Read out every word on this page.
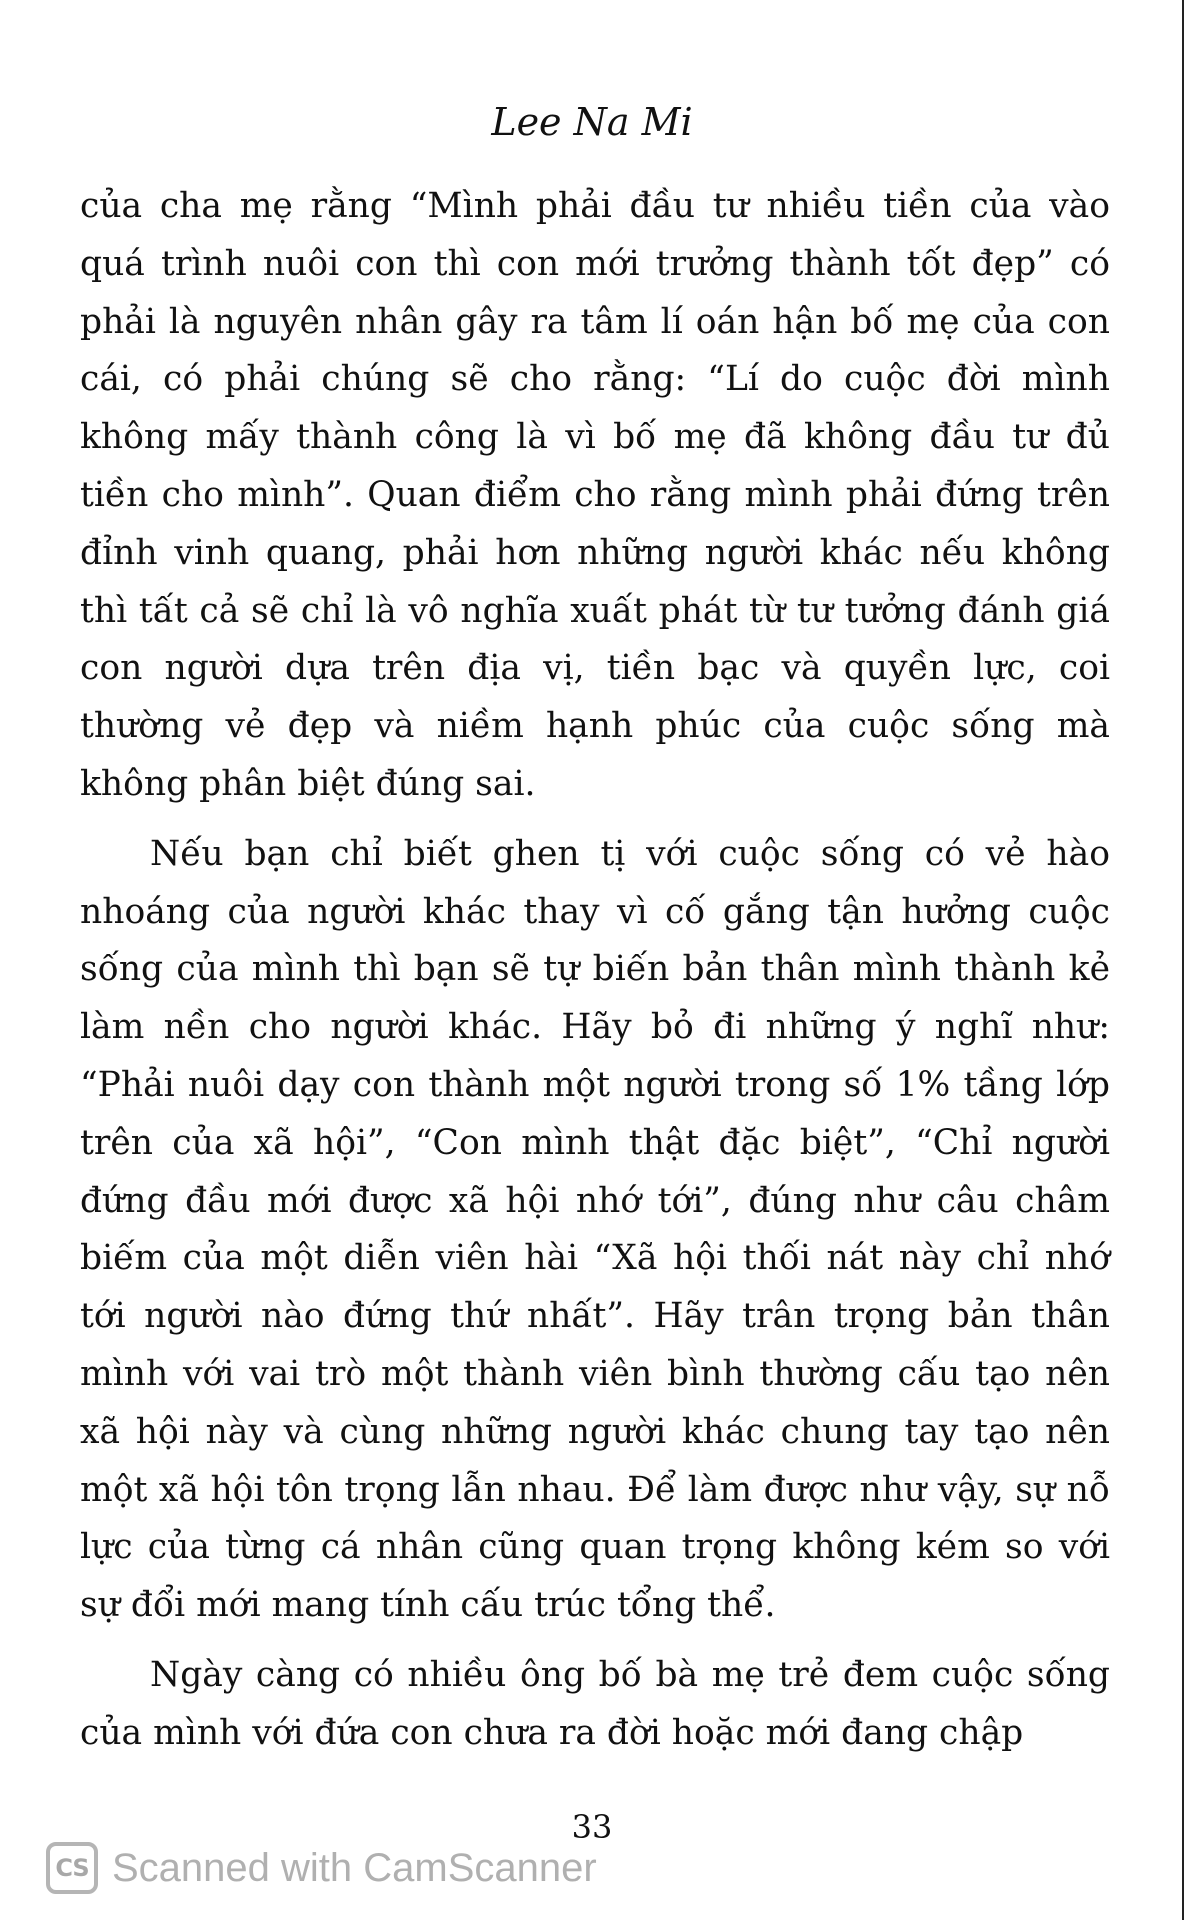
Lee Na Mi

của cha mẹ rằng “Mình phải đầu tư nhiều tiền của vào quá trình nuôi con thì con mới trưởng thành tốt đẹp” có phải là nguyên nhân gây ra tâm lí oán hận bố mẹ của con cái, có phải chúng sẽ cho rằng: “Lí do cuộc đời mình không mấy thành công là vì bố mẹ đã không đầu tư đủ tiền cho mình”. Quan điểm cho rằng mình phải đứng trên đỉnh vinh quang, phải hơn những người khác nếu không thì tất cả sẽ chỉ là vô nghĩa xuất phát từ tư tưởng đánh giá con người dựa trên địa vị, tiền bạc và quyền lực, coi thường vẻ đẹp và niềm hạnh phúc của cuộc sống mà không phân biệt đúng sai.

Nếu bạn chỉ biết ghen tị với cuộc sống có vẻ hào nhoáng của người khác thay vì cố gắng tận hưởng cuộc sống của mình thì bạn sẽ tự biến bản thân mình thành kẻ làm nền cho người khác. Hãy bỏ đi những ý nghĩ như: “Phải nuôi dạy con thành một người trong số 1% tầng lớp trên của xã hội”, “Con mình thật đặc biệt”, “Chỉ người đứng đầu mới được xã hội nhớ tới”, đúng như câu châm biếm của một diễn viên hài “Xã hội thối nát này chỉ nhớ tới người nào đứng thứ nhất”. Hãy trân trọng bản thân mình với vai trò một thành viên bình thường cấu tạo nên xã hội này và cùng những người khác chung tay tạo nên một xã hội tôn trọng lẫn nhau. Để làm được như vậy, sự nỗ lực của từng cá nhân cũng quan trọng không kém so với sự đổi mới mang tính cấu trúc tổng thể.

Ngày càng có nhiều ông bố bà mẹ trẻ đem cuộc sống của mình với đứa con chưa ra đời hoặc mới đang chập

33
CS Scanned with CamScanner
